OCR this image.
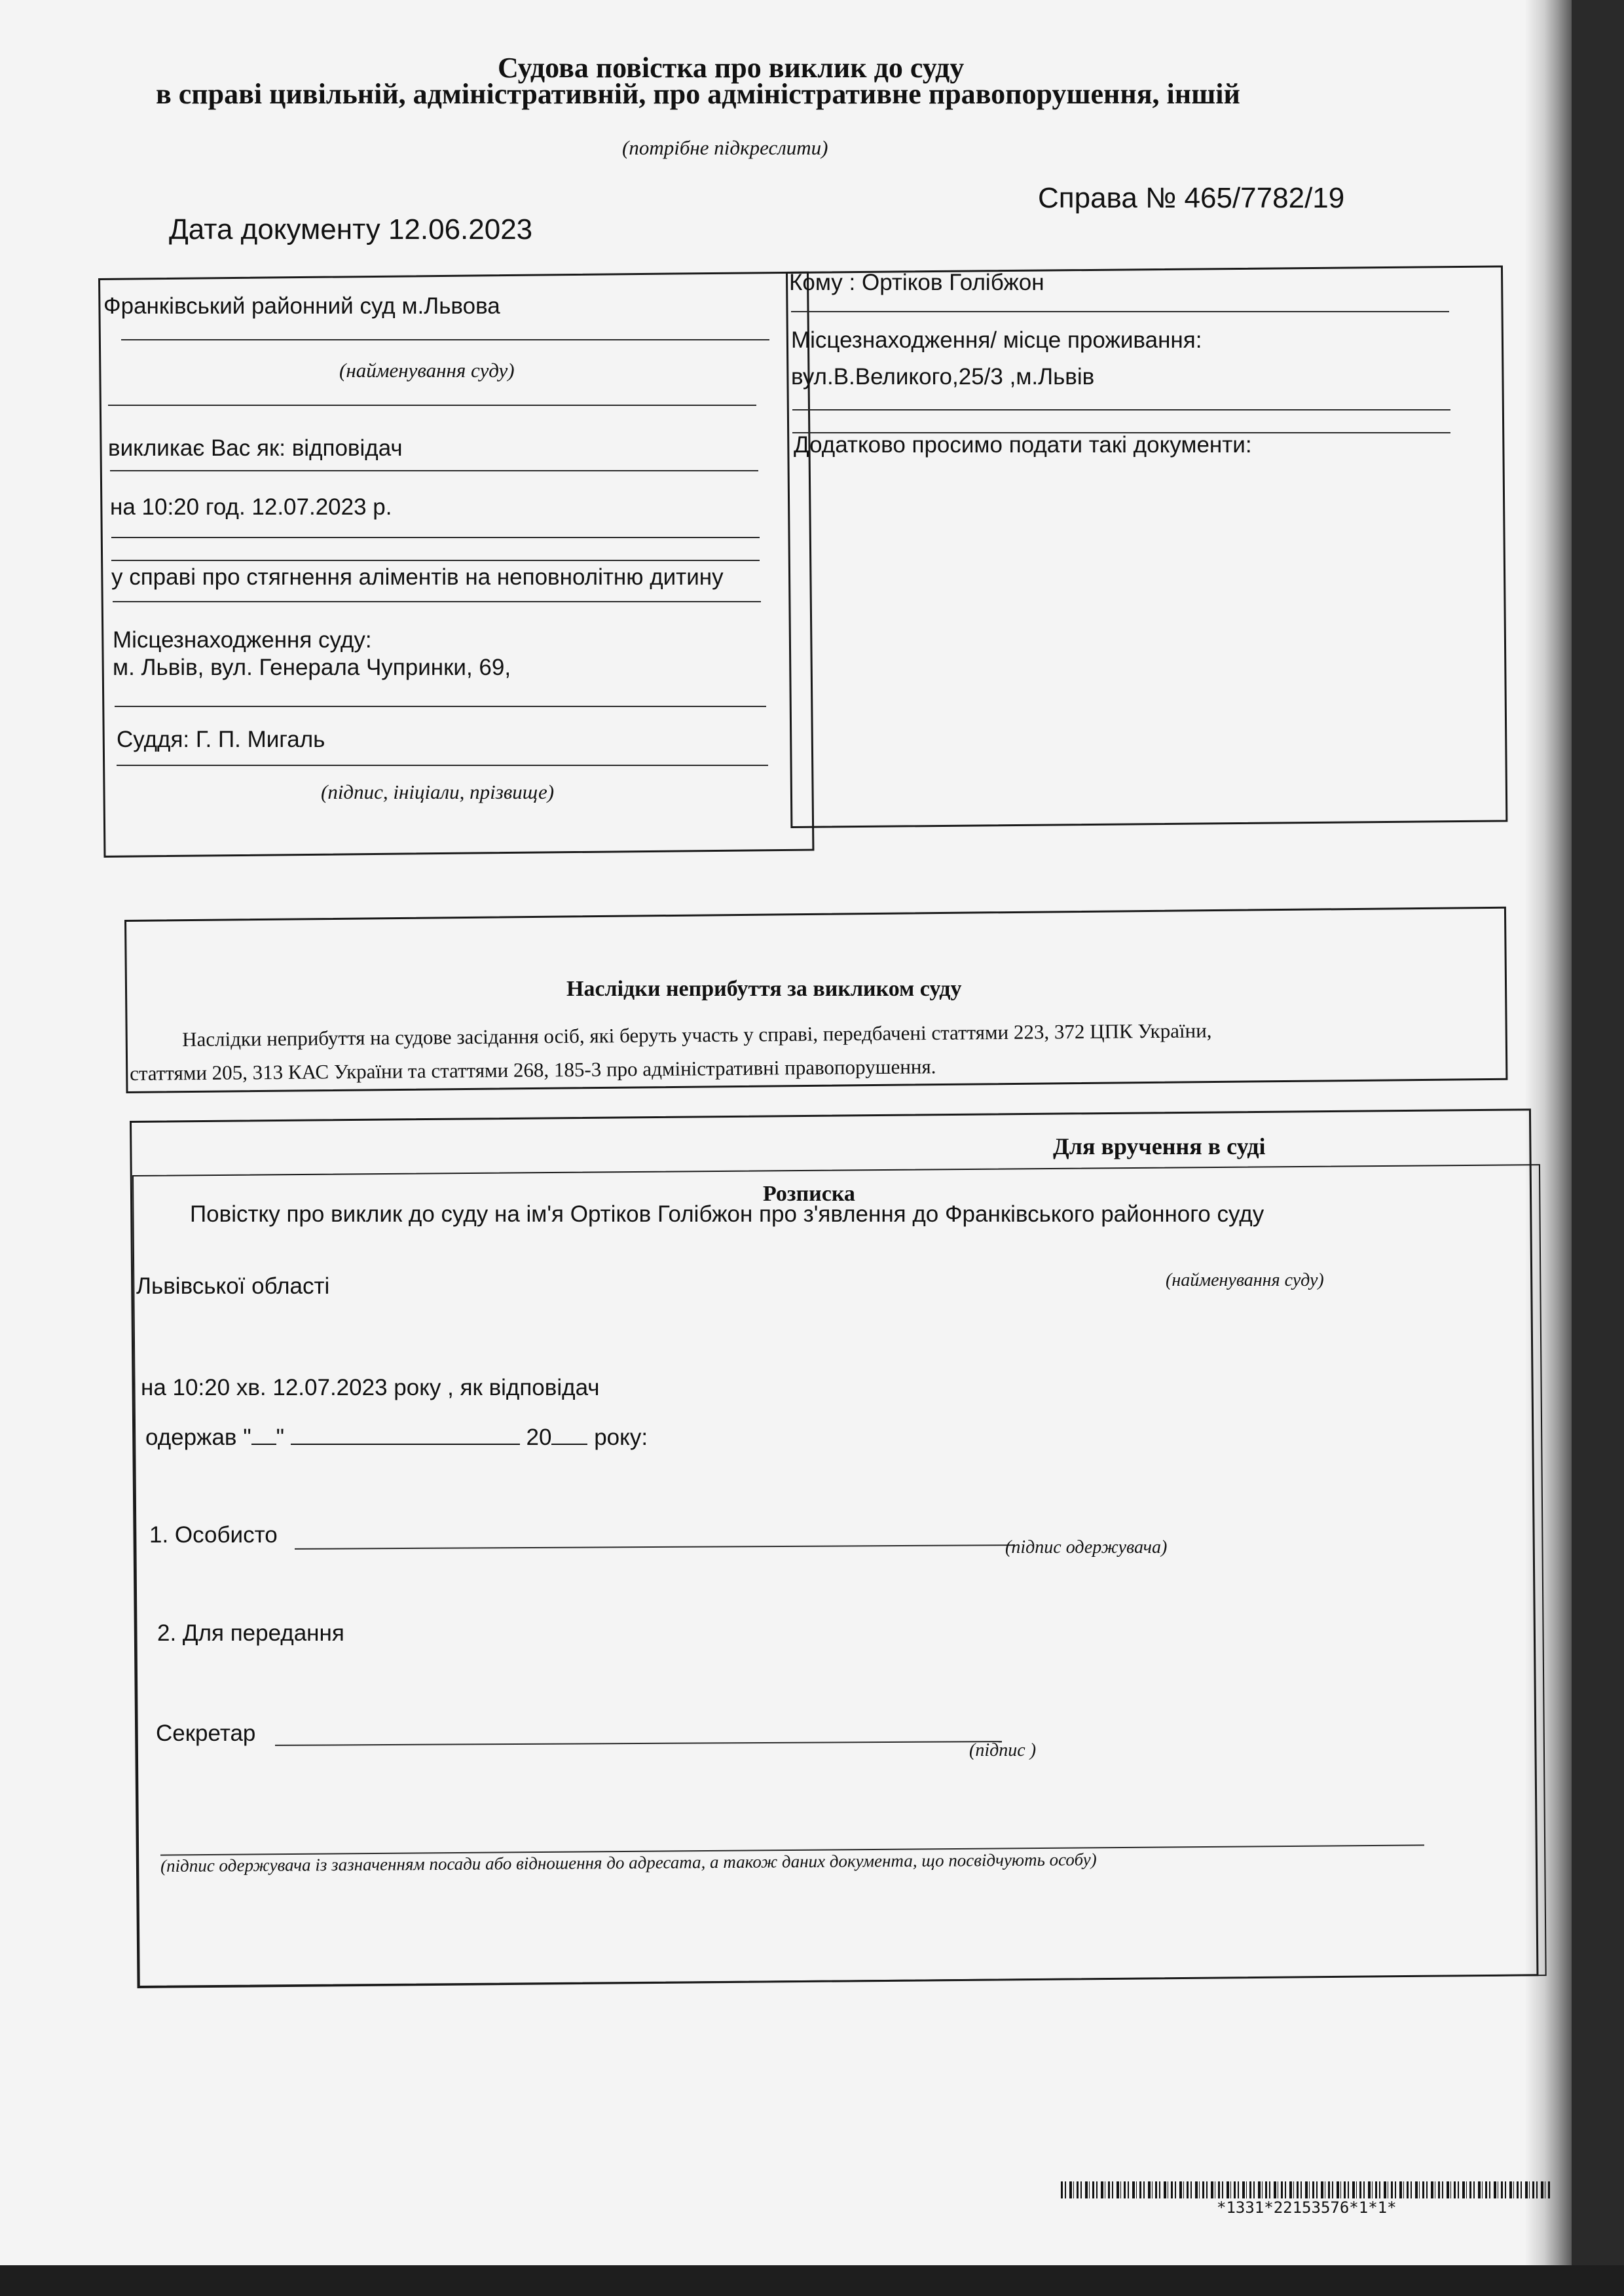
Судова повістка про виклик до суду
в справі цивільній, адміністративній, про адміністративне правопорушення, іншій
(потрібне підкреслити)
Справа № 465/7782/19
Дата документу 12.06.2023
Франківський районний суд м.Львова
(найменування суду)
викликає Вас як: відповідач
на 10:20 год. 12.07.2023 р.
у справі про стягнення аліментів на неповнолітню дитину
Місцезнаходження суду:
м. Львів, вул. Генерала Чупринки, 69,
Суддя: Г. П. Мигаль
(підпис, ініціали, прізвище)
Кому : Ортіков Голібжон
Місцезнаходження/ місце проживання:
вул.В.Великого,25/3 ,м.Львів
Додатково просимо подати такі документи:
Наслідки неприбуття за викликом суду
Наслідки неприбуття на судове засідання осіб, які беруть участь у справі, передбачені статтями 223, 372 ЦПК України,
статтями 205, 313 КАС України та статтями 268, 185-3 про адміністративні правопорушення.
Для вручення в суді
Розписка
Повістку про виклик до суду на ім'я Ортіков Голібжон про з'явлення до Франківського районного суду
Львівської області	(найменування суду)
на 10:20 хв. 12.07.2023 року , як відповідач
одержав " "	20 року:
1. Особисто	(підпис одержувача)
2. Для передання
Секретар
(підпис )
(підпис одержувача із зазначенням посади або відношення до адресата, а також даних документа, що посвідчують особу)
*1331*22153576*1*1*
